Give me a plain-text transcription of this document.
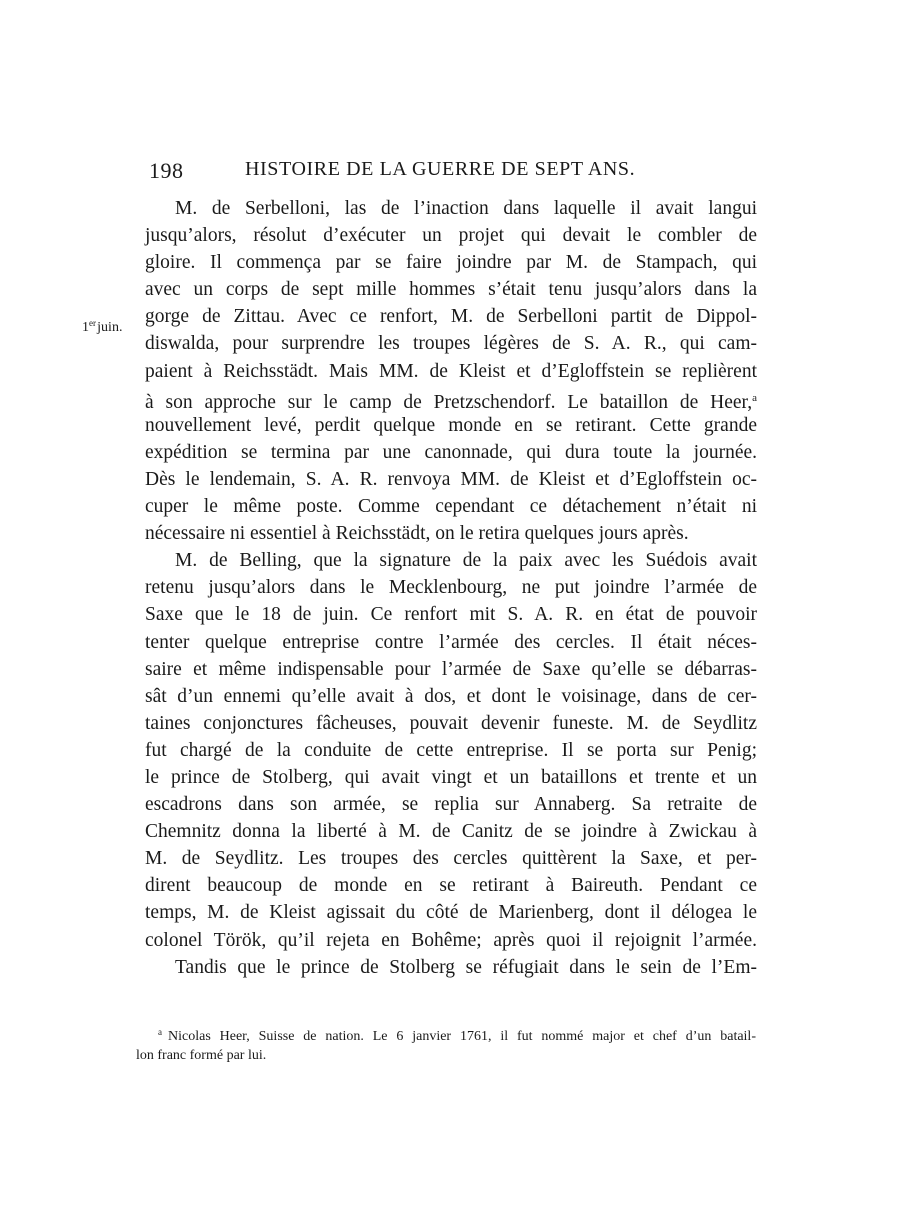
198	HISTOIRE DE LA GUERRE DE SEPT ANS.
1er juin.
M. de Serbelloni, las de l’inaction dans laquelle il avait langui
jusqu’alors, résolut d’exécuter un projet qui devait le combler de
gloire. Il commença par se faire joindre par M. de Stampach, qui
avec un corps de sept mille hommes s’était tenu jusqu’alors dans la
gorge de Zittau. Avec ce renfort, M. de Serbelloni partit de Dippol-
diswalda, pour surprendre les troupes légères de S. A. R., qui cam-
paient à Reichsstädt. Mais MM. de Kleist et d’Egloffstein se replièrent
à son approche sur le camp de Pretzschendorf. Le bataillon de Heer,$^a$
nouvellement levé, perdit quelque monde en se retirant. Cette grande
expédition se termina par une canonnade, qui dura toute la journée.
Dès le lendemain, S. A. R. renvoya MM. de Kleist et d’Egloffstein oc-
cuper le même poste. Comme cependant ce détachement n’était ni
nécessaire ni essentiel à Reichsstädt, on le retira quelques jours après.
M. de Belling, que la signature de la paix avec les Suédois avait
retenu jusqu’alors dans le Mecklenbourg, ne put joindre l’armée de
Saxe que le 18 de juin. Ce renfort mit S. A. R. en état de pouvoir
tenter quelque entreprise contre l’armée des cercles. Il était néces-
saire et même indispensable pour l’armée de Saxe qu’elle se débarras-
sât d’un ennemi qu’elle avait à dos, et dont le voisinage, dans de cer-
taines conjonctures fâcheuses, pouvait devenir funeste. M. de Seydlitz
fut chargé de la conduite de cette entreprise. Il se porta sur Penig;
le prince de Stolberg, qui avait vingt et un bataillons et trente et un
escadrons dans son armée, se replia sur Annaberg. Sa retraite de
Chemnitz donna la liberté à M. de Canitz de se joindre à Zwickau à
M. de Seydlitz. Les troupes des cercles quittèrent la Saxe, et per-
dirent beaucoup de monde en se retirant à Baireuth. Pendant ce
temps, M. de Kleist agissait du côté de Marienberg, dont il délogea le
colonel Török, qu’il rejeta en Bohême; après quoi il rejoignit l’armée.
Tandis que le prince de Stolberg se réfugiait dans le sein de l’Em-
$^a$ Nicolas Heer, Suisse de nation. Le 6 janvier 1761, il fut nommé major et chef d’un batail-
lon franc formé par lui.
